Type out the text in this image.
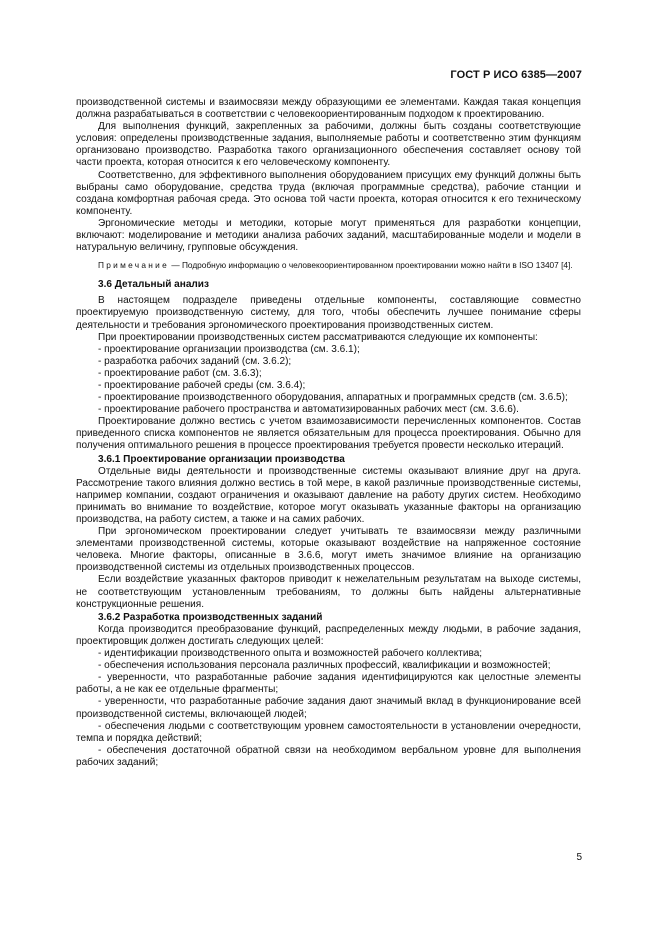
ГОСТ Р ИСО 6385—2007

производственной системы и взаимосвязи между образующими ее элементами. Каждая такая концепция должна разрабатываться в соответствии с человекоориентированным подходом к проектированию.

Для выполнения функций, закрепленных за рабочими, должны быть созданы соответствующие условия: определены производственные задания, выполняемые работы и соответственно этим функциям организовано производство. Разработка такого организационного обеспечения составляет основу той части проекта, которая относится к его человеческому компоненту.

Соответственно, для эффективного выполнения оборудованием присущих ему функций должны быть выбраны само оборудование, средства труда (включая программные средства), рабочие станции и создана комфортная рабочая среда. Это основа той части проекта, которая относится к его техническому компоненту.

Эргономические методы и методики, которые могут применяться для разработки концепции, включают: моделирование и методики анализа рабочих заданий, масштабированные модели и модели в натуральную величину, групповые обсуждения.

Примечание — Подробную информацию о человекоориентированном проектировании можно найти в ISO 13407 [4].

3.6 Детальный анализ

В настоящем подразделе приведены отдельные компоненты, составляющие совместно проектируемую производственную систему, для того, чтобы обеспечить лучшее понимание сферы деятельности и требования эргономического проектирования производственных систем.

При проектировании производственных систем рассматриваются следующие их компоненты:

- проектирование организации производства (см. 3.6.1);

- разработка рабочих заданий (см. 3.6.2);

- проектирование работ (см. 3.6.3);

- проектирование рабочей среды (см. 3.6.4);

- проектирование производственного оборудования, аппаратных и программных средств (см. 3.6.5);

- проектирование рабочего пространства и автоматизированных рабочих мест (см. 3.6.6).

Проектирование должно вестись с учетом взаимозависимости перечисленных компонентов. Состав приведенного списка компонентов не является обязательным для процесса проектирования. Обычно для получения оптимального решения в процессе проектирования требуется провести несколько итераций.

3.6.1 Проектирование организации производства

Отдельные виды деятельности и производственные системы оказывают влияние друг на друга. Рассмотрение такого влияния должно вестись в той мере, в какой различные производственные системы, например компании, создают ограничения и оказывают давление на работу других систем. Необходимо принимать во внимание то воздействие, которое могут оказывать указанные факторы на организацию производства, на работу систем, а также и на самих рабочих.

При эргономическом проектировании следует учитывать те взаимосвязи между различными элементами производственной системы, которые оказывают воздействие на напряженное состояние человека. Многие факторы, описанные в 3.6.6, могут иметь значимое влияние на организацию производственной системы из отдельных производственных процессов.

Если воздействие указанных факторов приводит к нежелательным результатам на выходе системы, не соответствующим установленным требованиям, то должны быть найдены альтернативные конструкционные решения.

3.6.2 Разработка производственных заданий

Когда производится преобразование функций, распределенных между людьми, в рабочие задания, проектировщик должен достигать следующих целей:

- идентификации производственного опыта и возможностей рабочего коллектива;

- обеспечения использования персонала различных профессий, квалификации и возможностей;

- уверенности, что разработанные рабочие задания идентифицируются как целостные элементы работы, а не как ее отдельные фрагменты;

- уверенности, что разработанные рабочие задания дают значимый вклад в функционирование всей производственной системы, включающей людей;

- обеспечения людьми с соответствующим уровнем самостоятельности в установлении очередности, темпа и порядка действий;

- обеспечения достаточной обратной связи на необходимом вербальном уровне для выполнения рабочих заданий;

5
